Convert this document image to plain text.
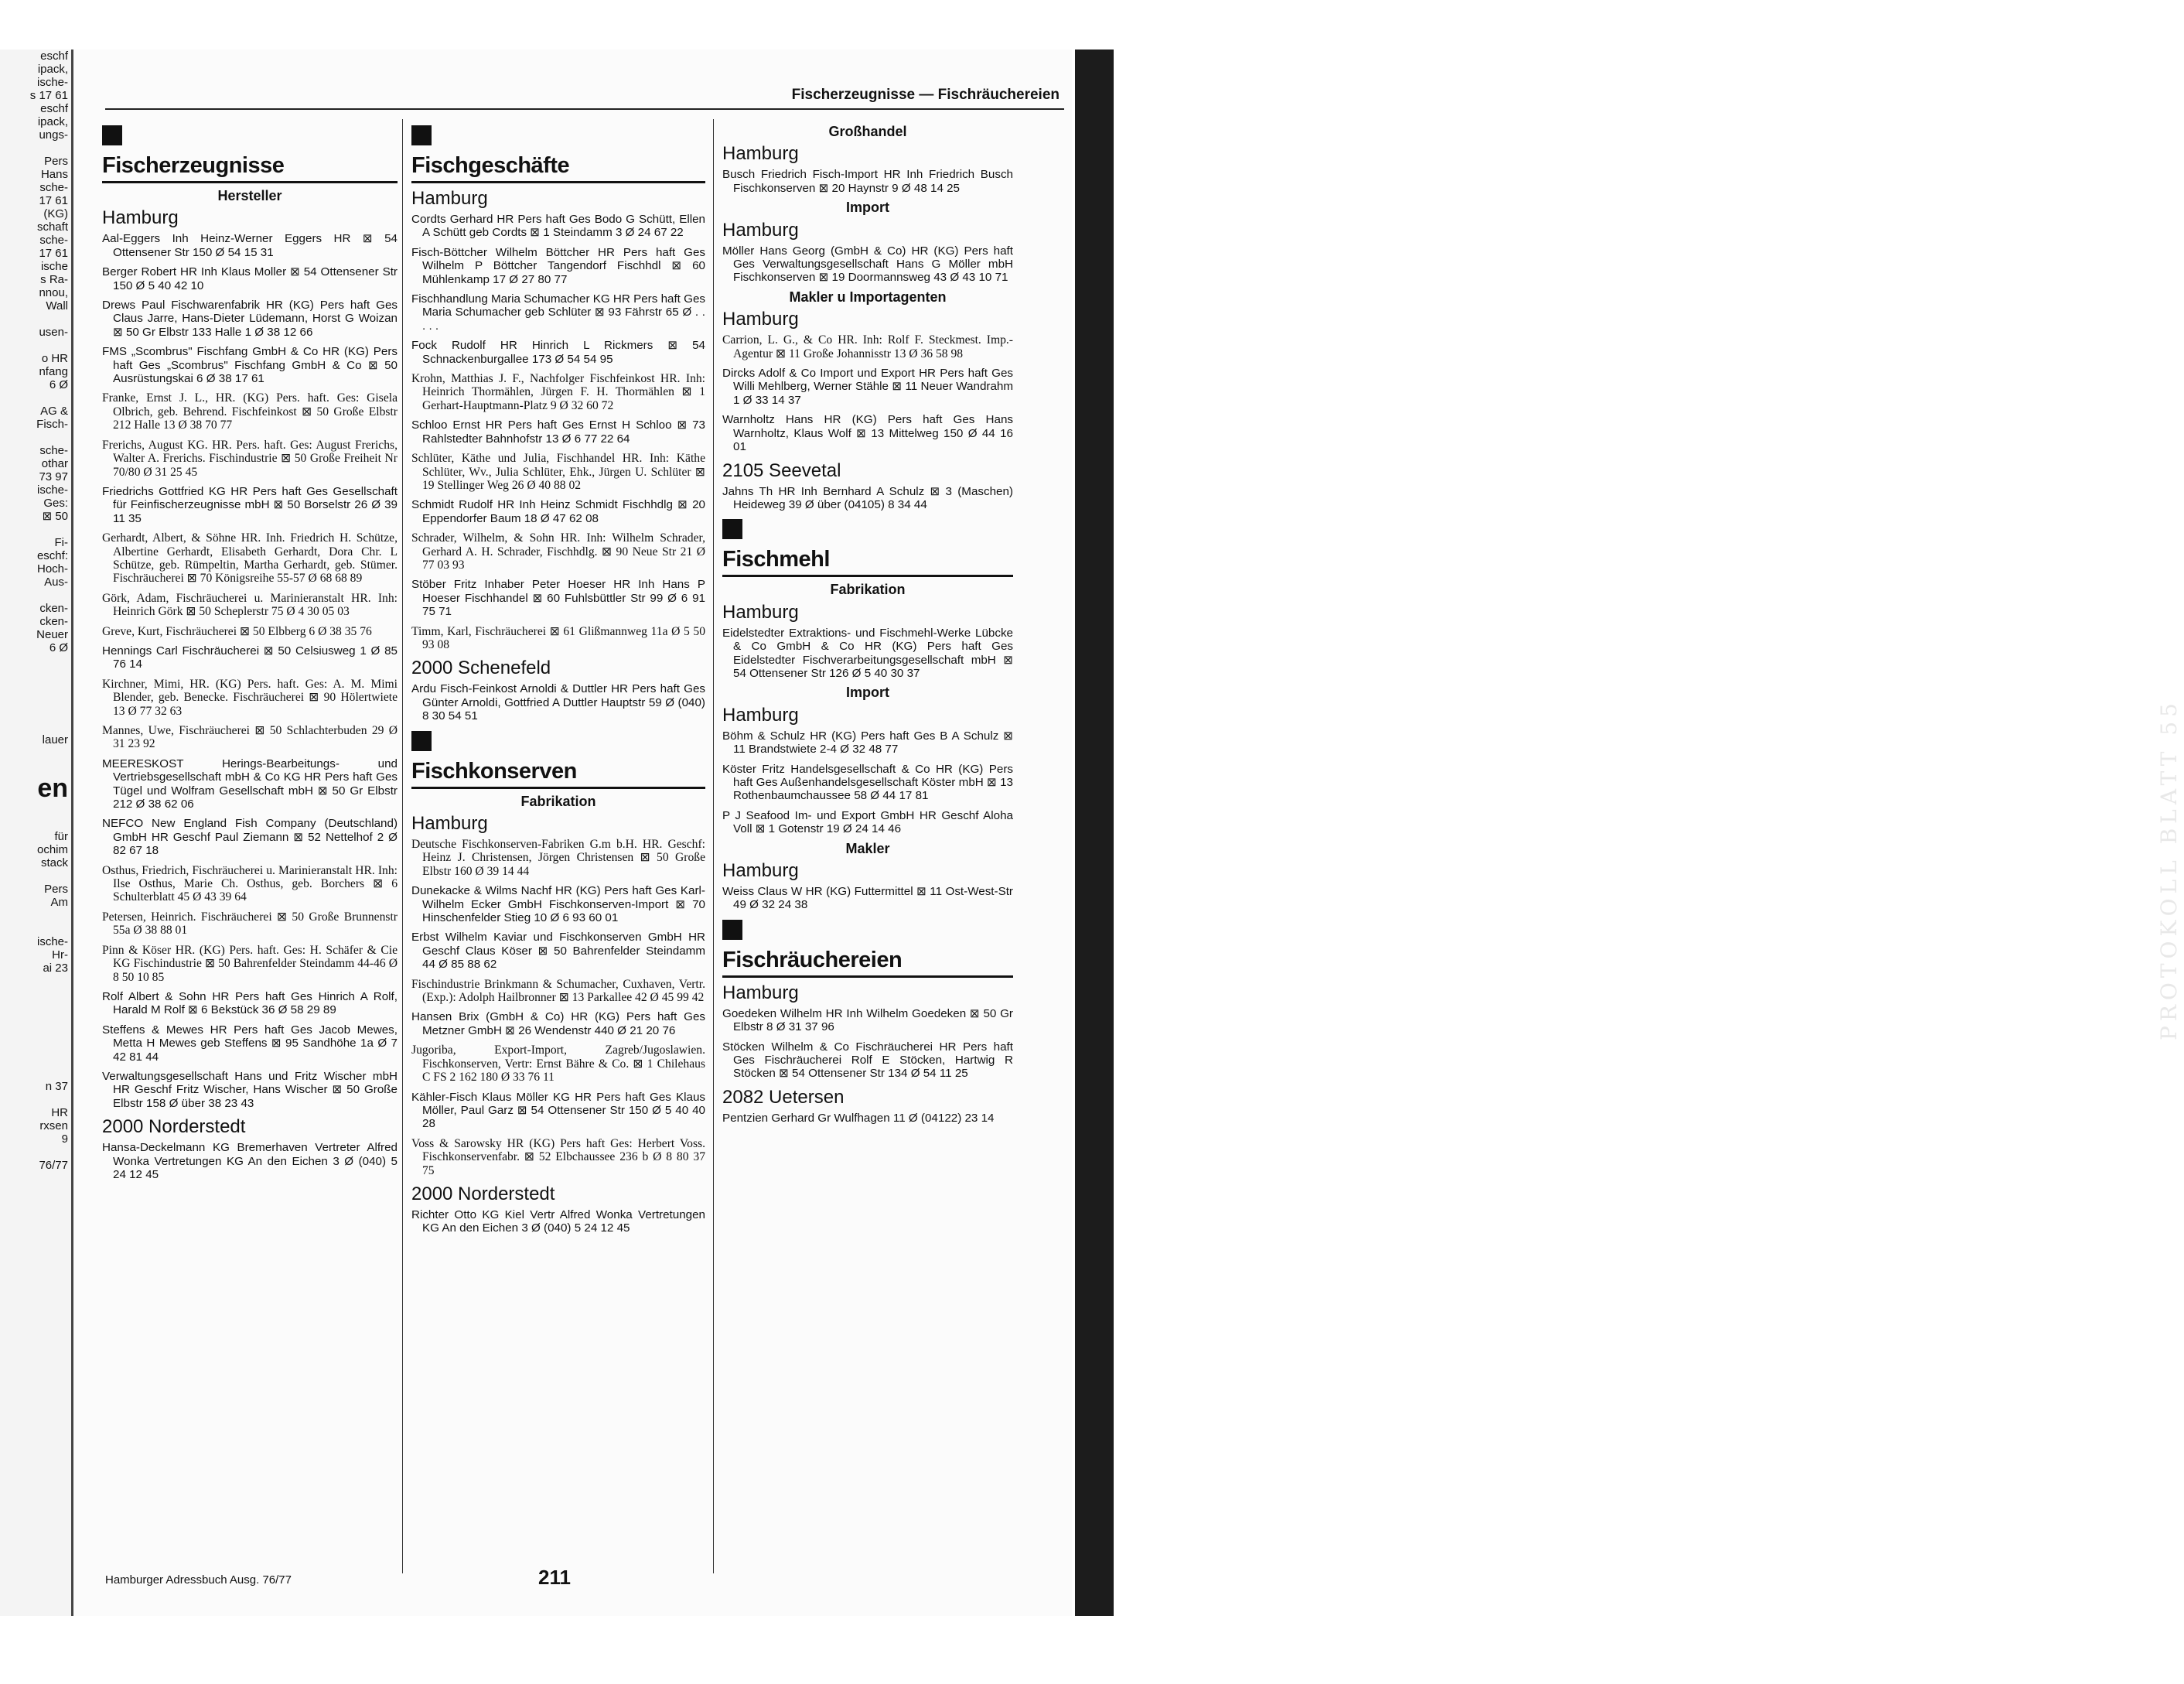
eschf
ipack,
ische-
s 17 61
eschf
ipack,
ungs-

Pers
Hans
sche-
17 61
(KG)
schaft
sche-
17 61
ische
s Ra-
nnou,
Wall

usen-

o HR
nfang
6 Ø

AG &
Fisch-

sche-
othar
73 97
ische-
Ges:
⊠ 50

Fi-
eschf:
Hoch-
Aus-

cken-
cken-
Neuer
6 Ø

lauer

en

für
ochim
stack

Pers
Am

ische-
Hr-
ai 23

n 37

HR
rxsen
9

76/77
Fischerzeugnisse — Fischräuchereien
Fischerzeugnisse
Hersteller
Hamburg
Aal-Eggers Inh Heinz-Werner Eggers HR ⊠ 54 Ottensener Str 150 Ø 54 15 31
Berger Robert HR Inh Klaus Moller ⊠ 54 Ottensener Str 150 Ø 5 40 42 10
Drews Paul Fischwarenfabrik HR (KG) Pers haft Ges Claus Jarre, Hans-Dieter Lüdemann, Horst G Woizan ⊠ 50 Gr Elbstr 133 Halle 1 Ø 38 12 66
FMS „Scombrus" Fischfang GmbH & Co HR (KG) Pers haft Ges „Scombrus" Fischfang GmbH & Co ⊠ 50 Ausrüstungskai 6 Ø 38 17 61
Franke, Ernst J. L., HR. (KG) Pers. haft. Ges: Gisela Olbrich, geb. Behrend. Fischfeinkost ⊠ 50 Große Elbstr 212 Halle 13 Ø 38 70 77
Frerichs, August KG. HR. Pers. haft. Ges: August Frerichs, Walter A. Frerichs. Fischindustrie ⊠ 50 Große Freiheit Nr 70/80 Ø 31 25 45
Friedrichs Gottfried KG HR Pers haft Ges Gesellschaft für Feinfischerzeugnisse mbH ⊠ 50 Borselstr 26 Ø 39 11 35
Gerhardt, Albert, & Söhne HR. Inh. Friedrich H. Schütze, Albertine Gerhardt, Elisabeth Gerhardt, Dora Chr. L Schütze, geb. Rümpeltin, Martha Gerhardt, geb. Stümer. Fischräucherei ⊠ 70 Königsreihe 55-57 Ø 68 68 89
Görk, Adam, Fischräucherei u. Marinieranstalt HR. Inh: Heinrich Görk ⊠ 50 Scheplerstr 75 Ø 4 30 05 03
Greve, Kurt, Fischräucherei ⊠ 50 Elbberg 6 Ø 38 35 76
Hennings Carl Fischräucherei ⊠ 50 Celsiusweg 1 Ø 85 76 14
Kirchner, Mimi, HR. (KG) Pers. haft. Ges: A. M. Mimi Blender, geb. Benecke. Fischräucherei ⊠ 90 Hölertwiete 13 Ø 77 32 63
Mannes, Uwe, Fischräucherei ⊠ 50 Schlachterbuden 29 Ø 31 23 92
MEERESKOST Herings-Bearbeitungs- und Vertriebsgesellschaft mbH & Co KG HR Pers haft Ges Tügel und Wolfram Gesellschaft mbH ⊠ 50 Gr Elbstr 212 Ø 38 62 06
NEFCO New England Fish Company (Deutschland) GmbH HR Geschf Paul Ziemann ⊠ 52 Nettelhof 2 Ø 82 67 18
Osthus, Friedrich, Fischräucherei u. Marinieranstalt HR. Inh: Ilse Osthus, Marie Ch. Osthus, geb. Borchers ⊠ 6 Schulterblatt 45 Ø 43 39 64
Petersen, Heinrich. Fischräucherei ⊠ 50 Große Brunnenstr 55a Ø 38 88 01
Pinn & Köser HR. (KG) Pers. haft. Ges: H. Schäfer & Cie KG Fischindustrie ⊠ 50 Bahrenfelder Steindamm 44-46 Ø 8 50 10 85
Rolf Albert & Sohn HR Pers haft Ges Hinrich A Rolf, Harald M Rolf ⊠ 6 Bekstück 36 Ø 58 29 89
Steffens & Mewes HR Pers haft Ges Jacob Mewes, Metta H Mewes geb Steffens ⊠ 95 Sandhöhe 1a Ø 7 42 81 44
Verwaltungsgesellschaft Hans und Fritz Wischer mbH HR Geschf Fritz Wischer, Hans Wischer ⊠ 50 Große Elbstr 158 Ø über 38 23 43
2000 Norderstedt
Hansa-Deckelmann KG Bremerhaven Vertreter Alfred Wonka Vertretungen KG An den Eichen 3 Ø (040) 5 24 12 45
Fischgeschäfte
Hamburg
Cordts Gerhard HR Pers haft Ges Bodo G Schütt, Ellen A Schütt geb Cordts ⊠ 1 Steindamm 3 Ø 24 67 22
Fisch-Böttcher Wilhelm Böttcher HR Pers haft Ges Wilhelm P Böttcher Tangendorf Fischhdl ⊠ 60 Mühlenkamp 17 Ø 27 80 77
Fischhandlung Maria Schumacher KG HR Pers haft Ges Maria Schumacher geb Schlüter ⊠ 93 Fährstr 65 Ø . . . . .
Fock Rudolf HR Hinrich L Rickmers ⊠ 54 Schnackenburgallee 173 Ø 54 54 95
Krohn, Matthias J. F., Nachfolger Fischfeinkost HR. Inh: Heinrich Thormählen, Jürgen F. H. Thormählen ⊠ 1 Gerhart-Hauptmann-Platz 9 Ø 32 60 72
Schloo Ernst HR Pers haft Ges Ernst H Schloo ⊠ 73 Rahlstedter Bahnhofstr 13 Ø 6 77 22 64
Schlüter, Käthe und Julia, Fischhandel HR. Inh: Käthe Schlüter, Wv., Julia Schlüter, Ehk., Jürgen U. Schlüter ⊠ 19 Stellinger Weg 26 Ø 40 88 02
Schmidt Rudolf HR Inh Heinz Schmidt Fischhdlg ⊠ 20 Eppendorfer Baum 18 Ø 47 62 08
Schrader, Wilhelm, & Sohn HR. Inh: Wilhelm Schrader, Gerhard A. H. Schrader, Fischhdlg. ⊠ 90 Neue Str 21 Ø 77 03 93
Stöber Fritz Inhaber Peter Hoeser HR Inh Hans P Hoeser Fischhandel ⊠ 60 Fuhlsbüttler Str 99 Ø 6 91 75 71
Timm, Karl, Fischräucherei ⊠ 61 Glißmannweg 11a Ø 5 50 93 08
2000 Schenefeld
Ardu Fisch-Feinkost Arnoldi & Duttler HR Pers haft Ges Günter Arnoldi, Gottfried A Duttler Hauptstr 59 Ø (040) 8 30 54 51
Fischkonserven
Fabrikation
Hamburg
Deutsche Fischkonserven-Fabriken G.m b.H. HR. Geschf: Heinz J. Christensen, Jörgen Christensen ⊠ 50 Große Elbstr 160 Ø 39 14 44
Dunekacke & Wilms Nachf HR (KG) Pers haft Ges Karl-Wilhelm Ecker GmbH Fischkonserven-Import ⊠ 70 Hinschenfelder Stieg 10 Ø 6 93 60 01
Erbst Wilhelm Kaviar und Fischkonserven GmbH HR Geschf Claus Köser ⊠ 50 Bahrenfelder Steindamm 44 Ø 85 88 62
Fischindustrie Brinkmann & Schumacher, Cuxhaven, Vertr. (Exp.): Adolph Hailbronner ⊠ 13 Parkallee 42 Ø 45 99 42
Hansen Brix (GmbH & Co) HR (KG) Pers haft Ges Metzner GmbH ⊠ 26 Wendenstr 440 Ø 21 20 76
Jugoriba, Export-Import, Zagreb/Jugoslawien. Fischkonserven, Vertr: Ernst Bähre & Co. ⊠ 1 Chilehaus C FS 2 162 180 Ø 33 76 11
Kähler-Fisch Klaus Möller KG HR Pers haft Ges Klaus Möller, Paul Garz ⊠ 54 Ottensener Str 150 Ø 5 40 40 28
Voss & Sarowsky HR (KG) Pers haft Ges: Herbert Voss. Fischkonservenfabr. ⊠ 52 Elbchaussee 236 b Ø 8 80 37 75
2000 Norderstedt
Richter Otto KG Kiel Vertr Alfred Wonka Vertretungen KG An den Eichen 3 Ø (040) 5 24 12 45
Großhandel
Hamburg
Busch Friedrich Fisch-Import HR Inh Friedrich Busch Fischkonserven ⊠ 20 Haynstr 9 Ø 48 14 25
Import
Hamburg
Möller Hans Georg (GmbH & Co) HR (KG) Pers haft Ges Verwaltungsgesellschaft Hans G Möller mbH Fischkonserven ⊠ 19 Doormannsweg 43 Ø 43 10 71
Makler u Importagenten
Hamburg
Carrion, L. G., & Co HR. Inh: Rolf F. Steckmest. Imp.-Agentur ⊠ 11 Große Johannisstr 13 Ø 36 58 98
Dircks Adolf & Co Import und Export HR Pers haft Ges Willi Mehlberg, Werner Stähle ⊠ 11 Neuer Wandrahm 1 Ø 33 14 37
Warnholtz Hans HR (KG) Pers haft Ges Hans Warnholtz, Klaus Wolf ⊠ 13 Mittelweg 150 Ø 44 16 01
2105 Seevetal
Jahns Th HR Inh Bernhard A Schulz ⊠ 3 (Maschen) Heideweg 39 Ø über (04105) 8 34 44
Fischmehl
Fabrikation
Hamburg
Eidelstedter Extraktions- und Fischmehl-Werke Lübcke & Co GmbH & Co HR (KG) Pers haft Ges Eidelstedter Fischverarbeitungsgesellschaft mbH ⊠ 54 Ottensener Str 126 Ø 5 40 30 37
Import
Hamburg
Böhm & Schulz HR (KG) Pers haft Ges B A Schulz ⊠ 11 Brandstwiete 2-4 Ø 32 48 77
Köster Fritz Handelsgesellschaft & Co HR (KG) Pers haft Ges Außenhandelsgesellschaft Köster mbH ⊠ 13 Rothenbaumchaussee 58 Ø 44 17 81
P J Seafood Im- und Export GmbH HR Geschf Aloha Voll ⊠ 1 Gotenstr 19 Ø 24 14 46
Makler
Hamburg
Weiss Claus W HR (KG) Futtermittel ⊠ 11 Ost-West-Str 49 Ø 32 24 38
Fischräuchereien
Hamburg
Goedeken Wilhelm HR Inh Wilhelm Goedeken ⊠ 50 Gr Elbstr 8 Ø 31 37 96
Stöcken Wilhelm & Co Fischräucherei HR Pers haft Ges Fischräucherei Rolf E Stöcken, Hartwig R Stöcken ⊠ 54 Ottensener Str 134 Ø 54 11 25
2082 Uetersen
Pentzien Gerhard Gr Wulfhagen 11 Ø (04122) 23 14
Hamburger Adressbuch Ausg. 76/77	211
PROTOKOLL BLATT 55
